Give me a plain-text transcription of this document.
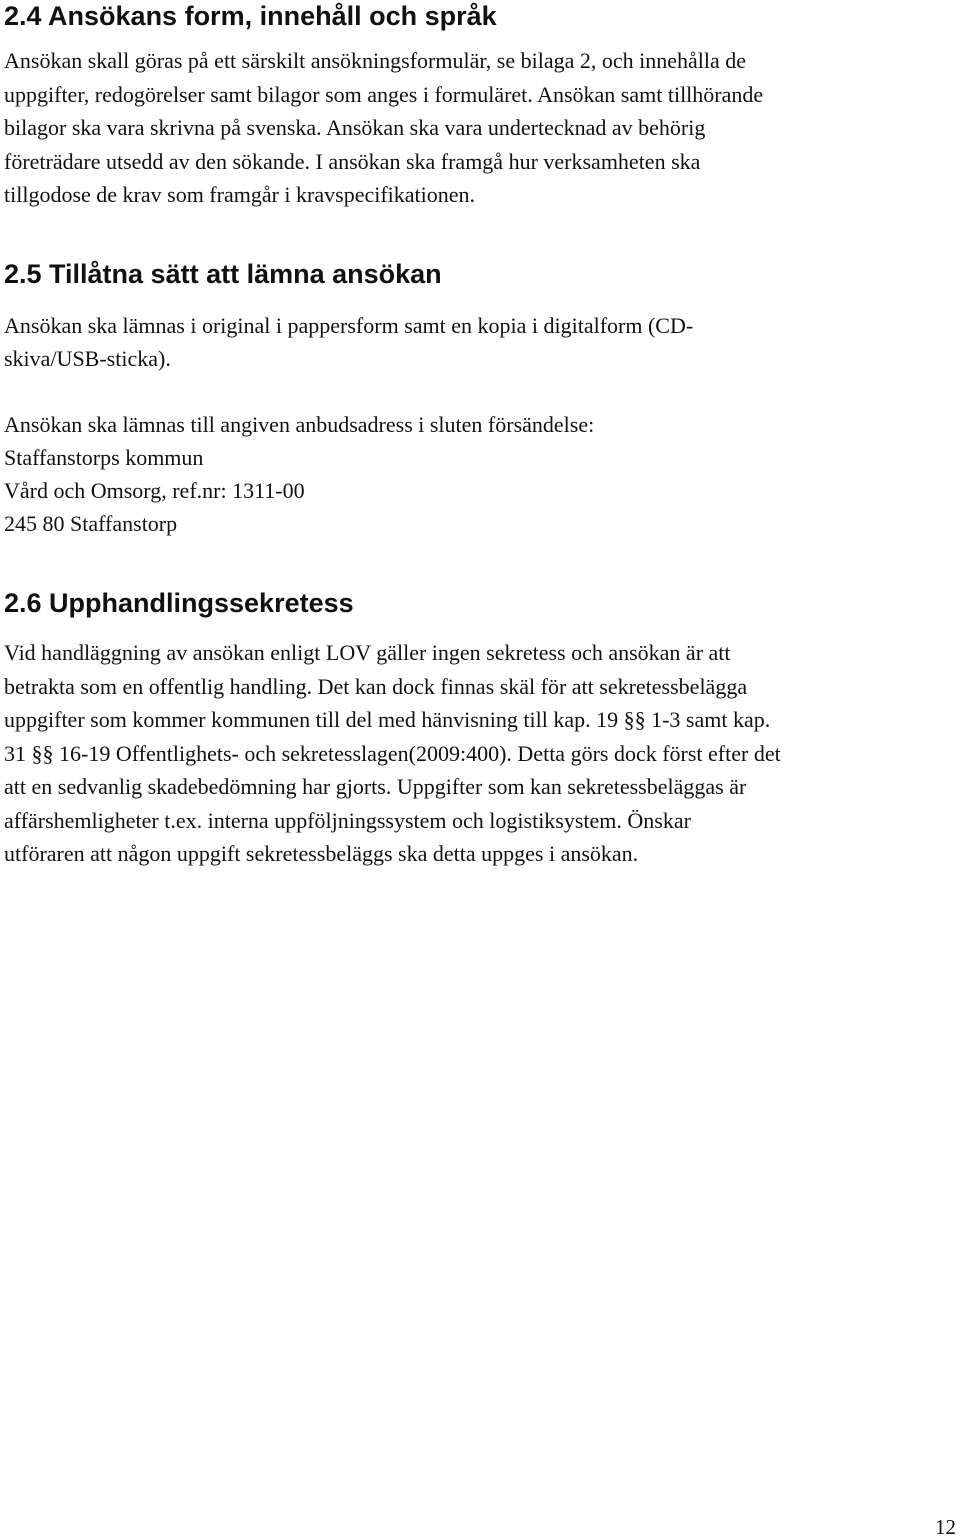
2.4 Ansökans form, innehåll och språk

Ansökan skall göras på ett särskilt ansökningsformulär, se bilaga 2, och innehålla de
uppgifter, redogörelser samt bilagor som anges i formuläret. Ansökan samt tillhörande
bilagor ska vara skrivna på svenska. Ansökan ska vara undertecknad av behörig
företrädare utsedd av den sökande. I ansökan ska framgå hur verksamheten ska
tillgodose de krav som framgår i kravspecifikationen.

2.5 Tillåtna sätt att lämna ansökan

Ansökan ska lämnas i original i pappersform samt en kopia i digitalform (CD-
skiva/USB-sticka).

Ansökan ska lämnas till angiven anbudsadress i sluten försändelse:
Staffanstorps kommun
Vård och Omsorg, ref.nr: 1311-00
245 80 Staffanstorp

2.6 Upphandlingssekretess

Vid handläggning av ansökan enligt LOV gäller ingen sekretess och ansökan är att
betrakta som en offentlig handling. Det kan dock finnas skäl för att sekretessbelägga
uppgifter som kommer kommunen till del med hänvisning till kap. 19 §§ 1-3 samt kap.
31 §§ 16-19 Offentlighets- och sekretesslagen(2009:400). Detta görs dock först efter det
att en sedvanlig skadebedömning har gjorts. Uppgifter som kan sekretessbeläggas är
affärshemligheter t.ex. interna uppföljningssystem och logistiksystem. Önskar
utföraren att någon uppgift sekretessbeläggs ska detta uppges i ansökan.

12
